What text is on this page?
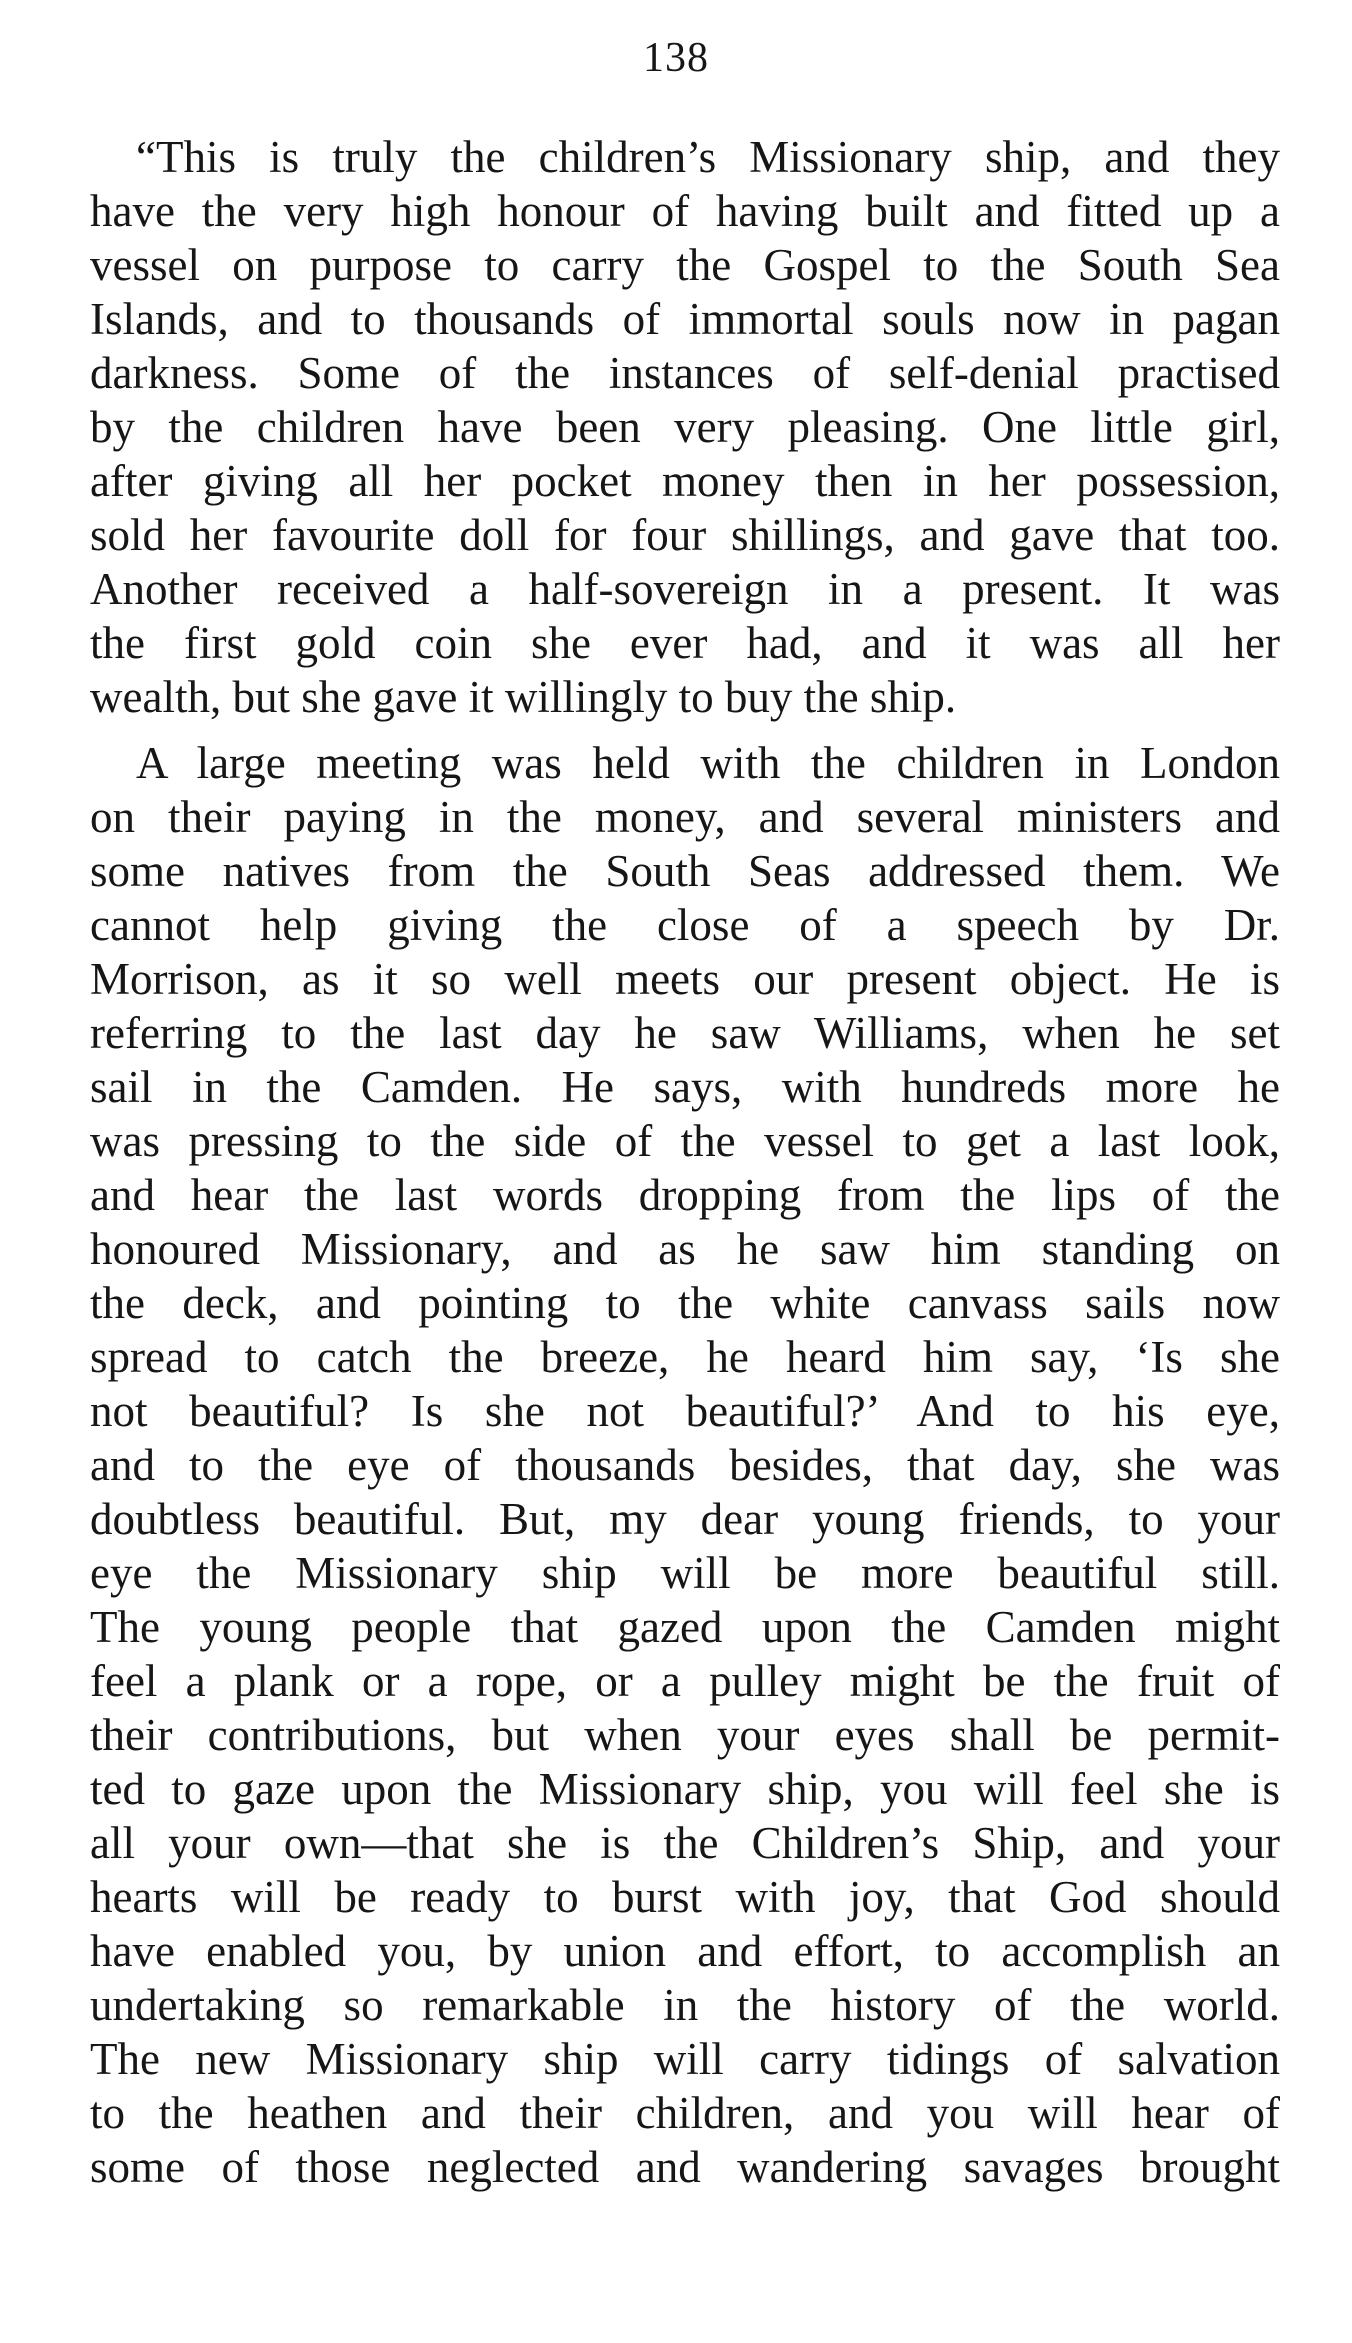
138
“This is truly the children’s Missionary ship, and they
have the very high honour of having built and fitted up a
vessel on purpose to carry the Gospel to the South Sea
Islands, and to thousands of immortal souls now in pagan
darkness. Some of the instances of self-denial practised
by the children have been very pleasing. One little girl,
after giving all her pocket money then in her possession,
sold her favourite doll for four shillings, and gave that too.
Another received a half-sovereign in a present. It was
the first gold coin she ever had, and it was all her
wealth, but she gave it willingly to buy the ship.
A large meeting was held with the children in London
on their paying in the money, and several ministers and
some natives from the South Seas addressed them. We
cannot help giving the close of a speech by Dr.
Morrison, as it so well meets our present object. He is
referring to the last day he saw Williams, when he set
sail in the Camden. He says, with hundreds more he
was pressing to the side of the vessel to get a last look,
and hear the last words dropping from the lips of the
honoured Missionary, and as he saw him standing on
the deck, and pointing to the white canvass sails now
spread to catch the breeze, he heard him say, ‘Is she
not beautiful? Is she not beautiful?’ And to his eye,
and to the eye of thousands besides, that day, she was
doubtless beautiful. But, my dear young friends, to your
eye the Missionary ship will be more beautiful still.
The young people that gazed upon the Camden might
feel a plank or a rope, or a pulley might be the fruit of
their contributions, but when your eyes shall be permit-
ted to gaze upon the Missionary ship, you will feel she is
all your own—that she is the Children’s Ship, and your
hearts will be ready to burst with joy, that God should
have enabled you, by union and effort, to accomplish an
undertaking so remarkable in the history of the world.
The new Missionary ship will carry tidings of salvation
to the heathen and their children, and you will hear of
some of those neglected and wandering savages brought
